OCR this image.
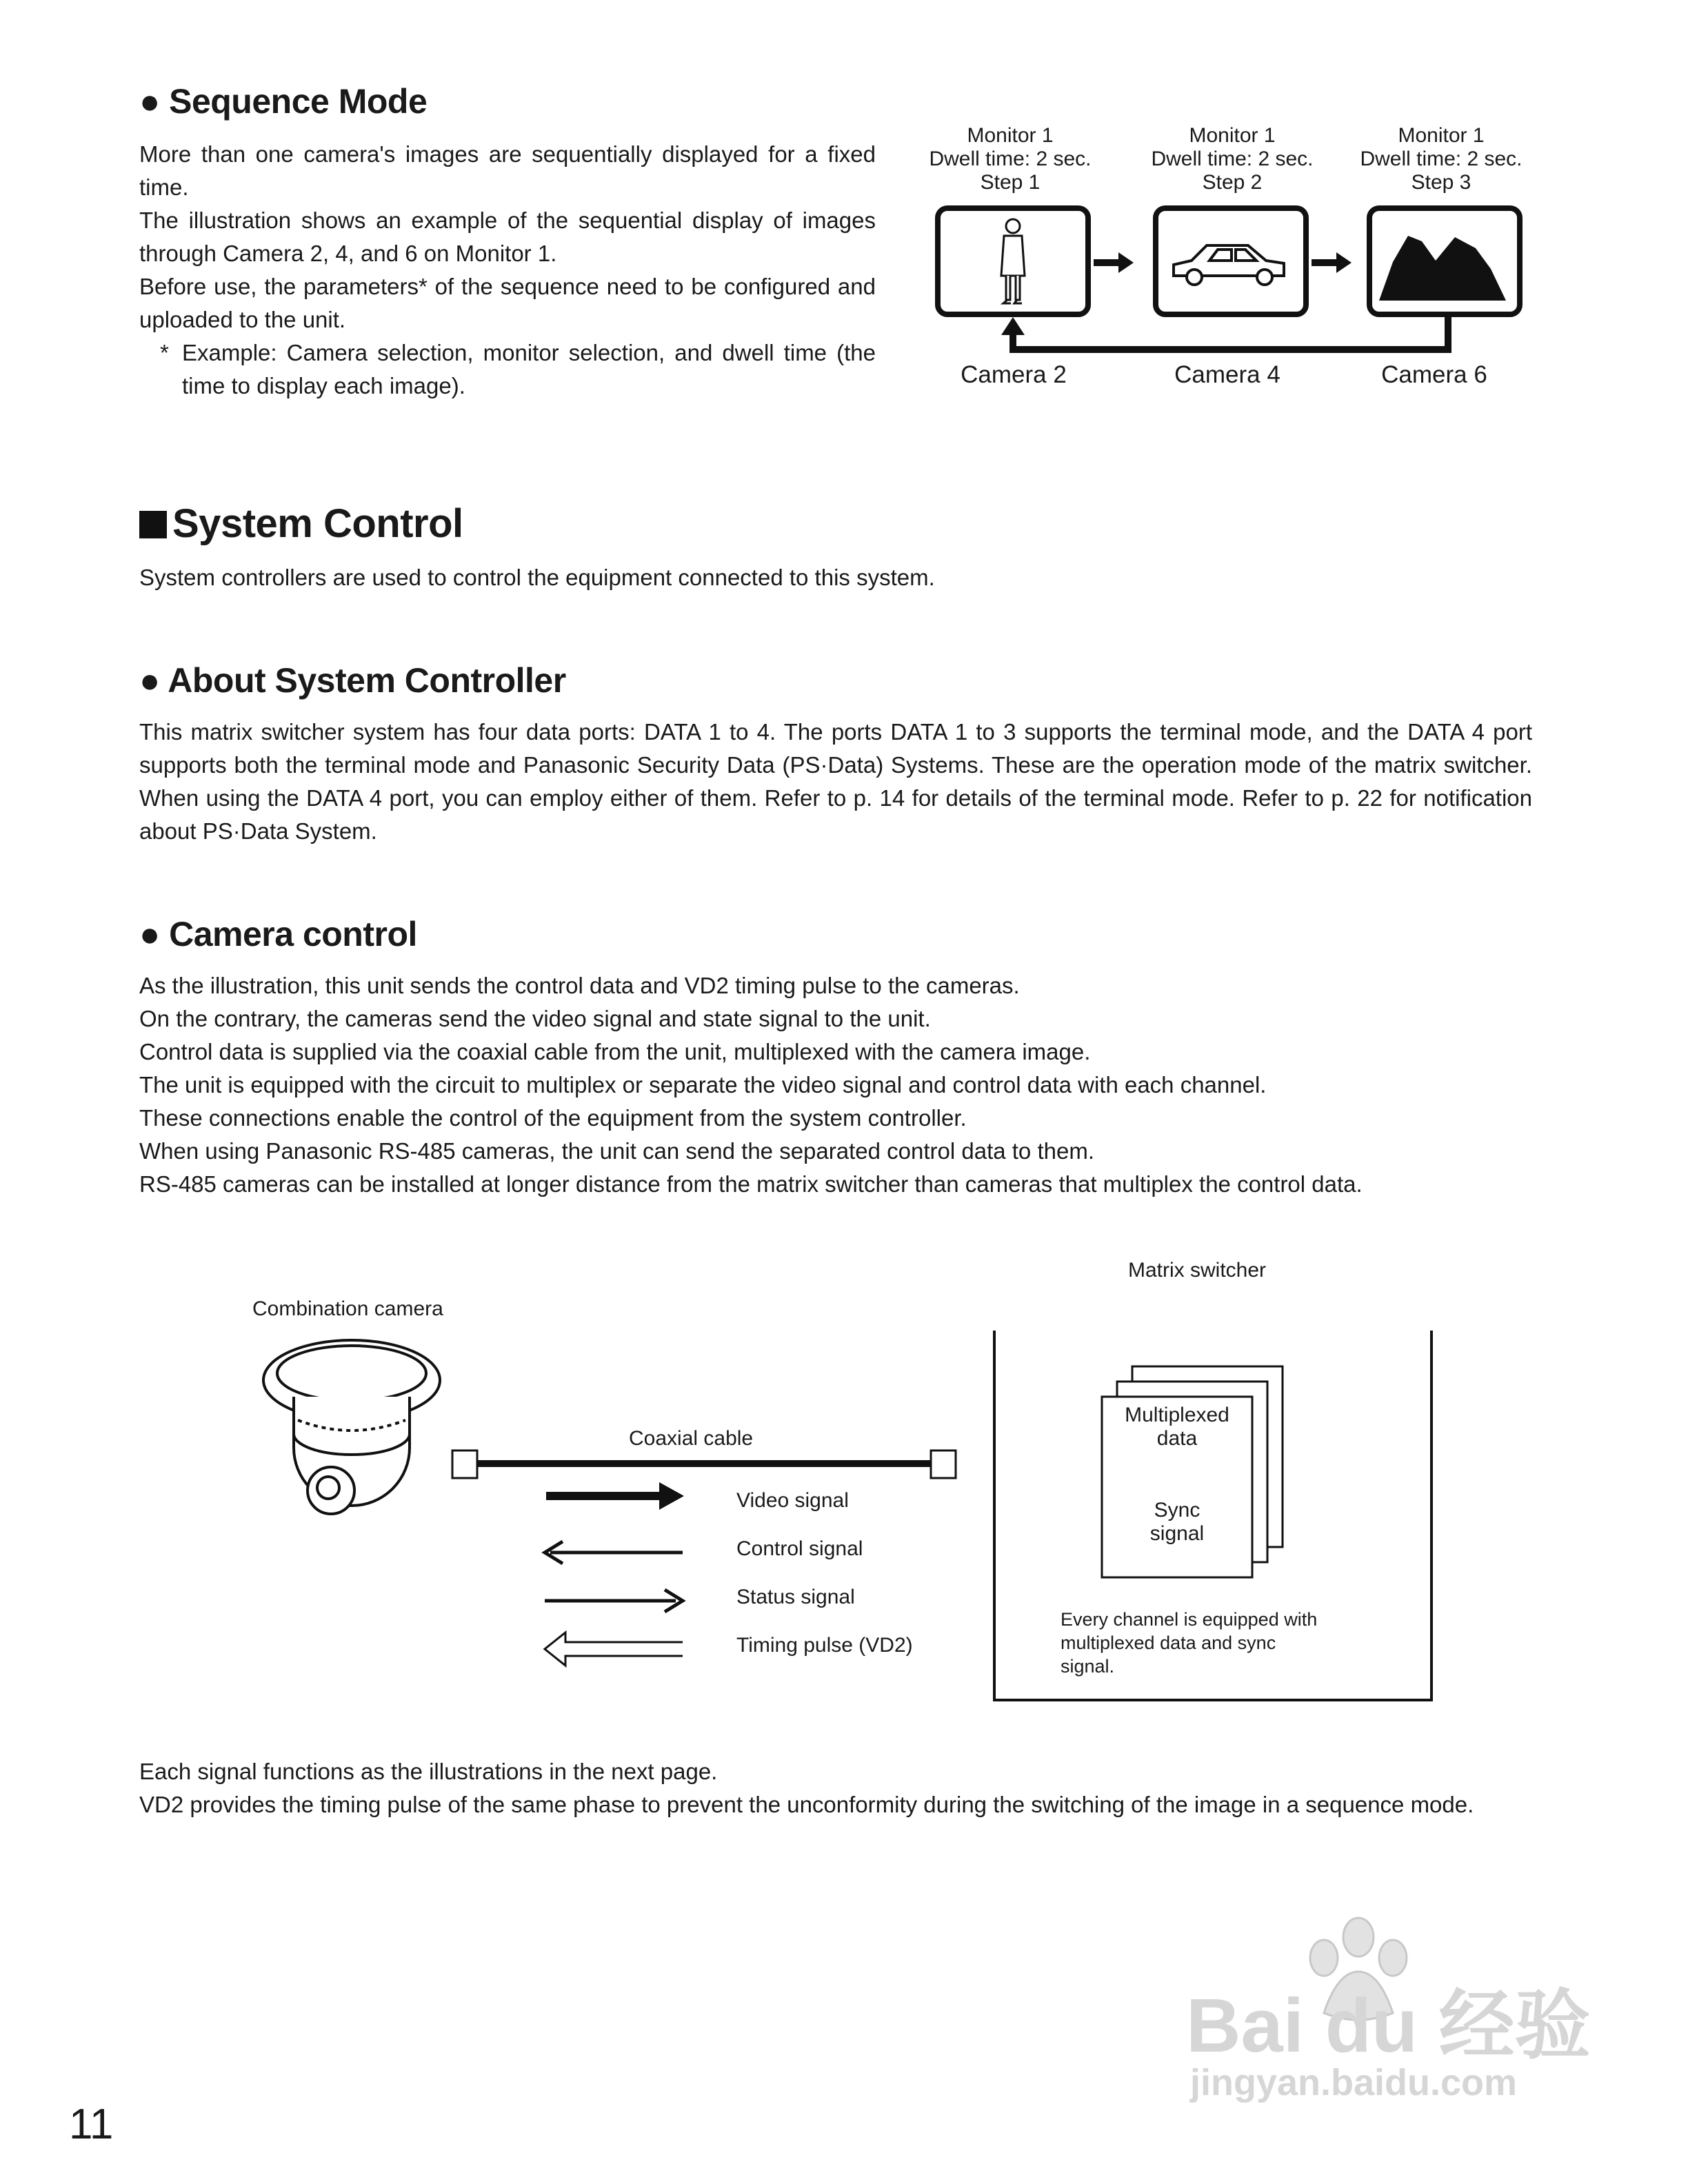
● Sequence Mode

More than one camera's images are sequentially displayed for a fixed time.

The illustration shows an example of the sequential display of images through Camera 2, 4, and 6 on Monitor 1.

Before use, the parameters* of the sequence need to be configured and uploaded to the unit.

* Example: Camera selection, monitor selection, and dwell time (the time to display each image).
Monitor 1
Dwell time: 2 sec.
Step 1
Monitor 1
Dwell time: 2 sec.
Step 2
Monitor 1
Dwell time: 2 sec.
Step 3
Camera 2	Camera 4	Camera 6
System Control
System controllers are used to control the equipment connected to this system.
● About System Controller
This matrix switcher system has four data ports: DATA 1 to 4. The ports DATA 1 to 3 supports the terminal mode, and the DATA 4 port supports both the terminal mode and Panasonic Security Data (PS·Data) Systems. These are the operation mode of the matrix switcher. When using the DATA 4 port, you can employ either of them. Refer to p. 14 for details of the terminal mode. Refer to p. 22 for notification about PS·Data System.
● Camera control

As the illustration, this unit sends the control data and VD2 timing pulse to the cameras.

On the contrary, the cameras send the video signal and state signal to the unit.

Control data is supplied via the coaxial cable from the unit, multiplexed with the camera image.

The unit is equipped with the circuit to multiplex or separate the video signal and control data with each channel.

These connections enable the control of the equipment from the system controller.

When using Panasonic RS-485 cameras, the unit can send the separated control data to them.

RS-485 cameras can be installed at longer distance from the matrix switcher than cameras that multiplex the control data.

Combination camera
Matrix switcher
Coaxial cable
Video signal
Control signal
Status signal
Timing pulse (VD2)
Multiplexed
data
Sync
signal
Every channel is equipped with
multiplexed data and sync
signal.

Each signal functions as the illustrations in the next page.

VD2 provides the timing pulse of the same phase to prevent the unconformity during the switching of the image in a sequence mode.

Bai du 经验
jingyan.baidu.com
11
